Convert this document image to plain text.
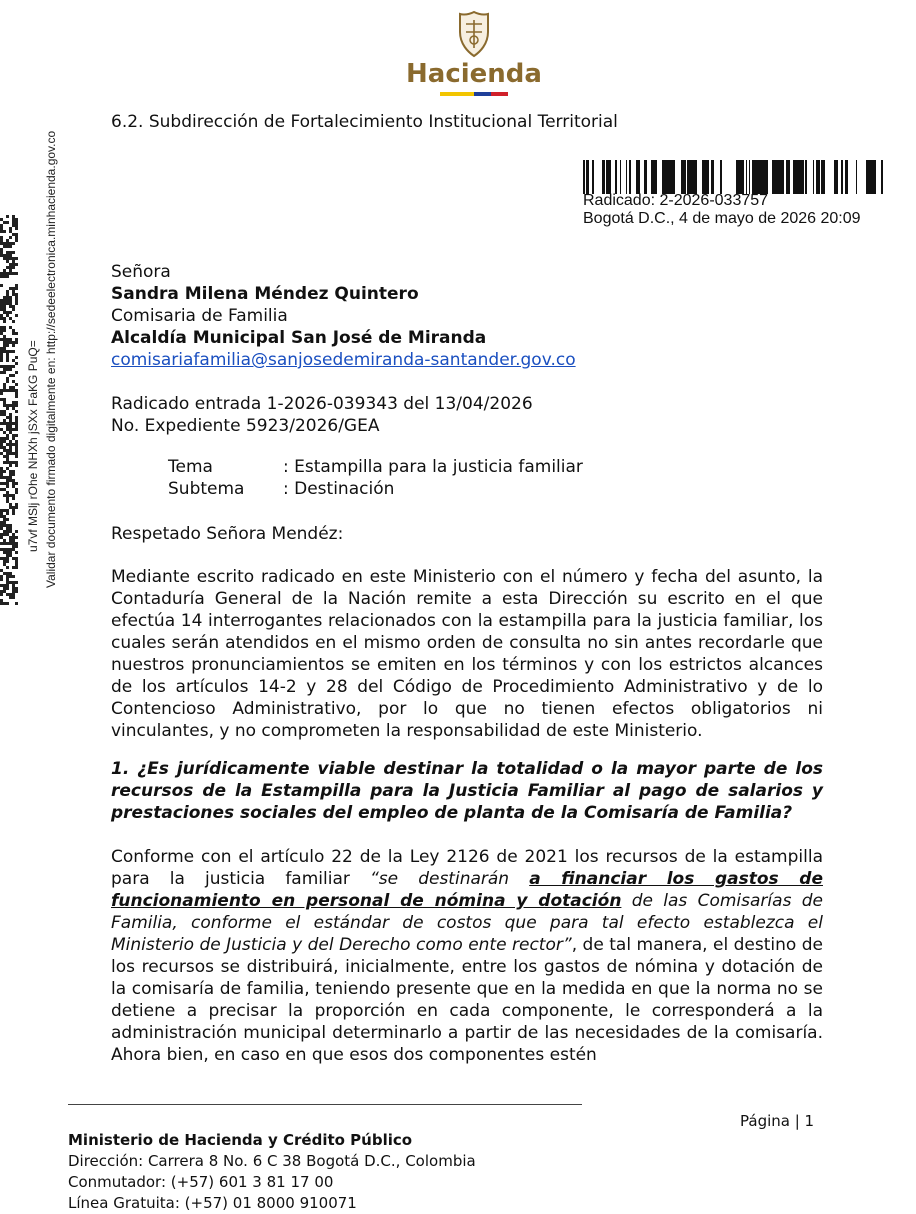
u7vf MSlj rOhe NHXh jSXx FaKG PuQ= Validar documento firmado digitalmente en: http://sedeelectronica.minhacienda.gov.co
Hacienda
6.2. Subdirección de Fortalecimiento Institucional Territorial
Radicado: 2-2026-033757
Bogotá D.C., 4 de mayo de 2026 20:09
Señora
Sandra Milena Méndez Quintero
Comisaria de Familia
Alcaldía Municipal San José de Miranda
comisariafamilia@sanjosedemiranda-santander.gov.co
Radicado entrada 1-2026-039343 del 13/04/2026
No. Expediente 5923/2026/GEA
Tema	: Estampilla para la justicia familiar
Subtema : Destinación
Respetado Señora Mendéz:
Mediante escrito radicado en este Ministerio con el número y fecha del asunto, la Contaduría General de la Nación remite a esta Dirección su escrito en el que efectúa 14 interrogantes relacionados con la estampilla para la justicia familiar, los cuales serán atendidos en el mismo orden de consulta no sin antes recordarle que nuestros pronunciamientos se emiten en los términos y con los estrictos alcances de los artículos 14-2 y 28 del Código de Procedimiento Administrativo y de lo Contencioso Administrativo, por lo que no tienen efectos obligatorios ni vinculantes, y no comprometen la responsabilidad de este Ministerio.
1. ¿Es jurídicamente viable destinar la totalidad o la mayor parte de los recursos de la Estampilla para la Justicia Familiar al pago de salarios y prestaciones sociales del empleo de planta de la Comisaría de Familia?
Conforme con el artículo 22 de la Ley 2126 de 2021 los recursos de la estampilla para la justicia familiar “se destinarán a financiar los gastos de funcionamiento en personal de nómina y dotación de las Comisarías de Familia, conforme el estándar de costos que para tal efecto establezca el Ministerio de Justicia y del Derecho como ente rector”, de tal manera, el destino de los recursos se distribuirá, inicialmente, entre los gastos de nómina y dotación de la comisaría de familia, teniendo presente que en la medida en que la norma no se detiene a precisar la proporción en cada componente, le corresponderá a la administración municipal determinarlo a partir de las necesidades de la comisaría. Ahora bien, en caso en que esos dos componentes estén
Página | 1
Ministerio de Hacienda y Crédito Público
Dirección: Carrera 8 No. 6 C 38 Bogotá D.C., Colombia
Conmutador: (+57) 601 3 81 17 00
Línea Gratuita: (+57) 01 8000 910071
